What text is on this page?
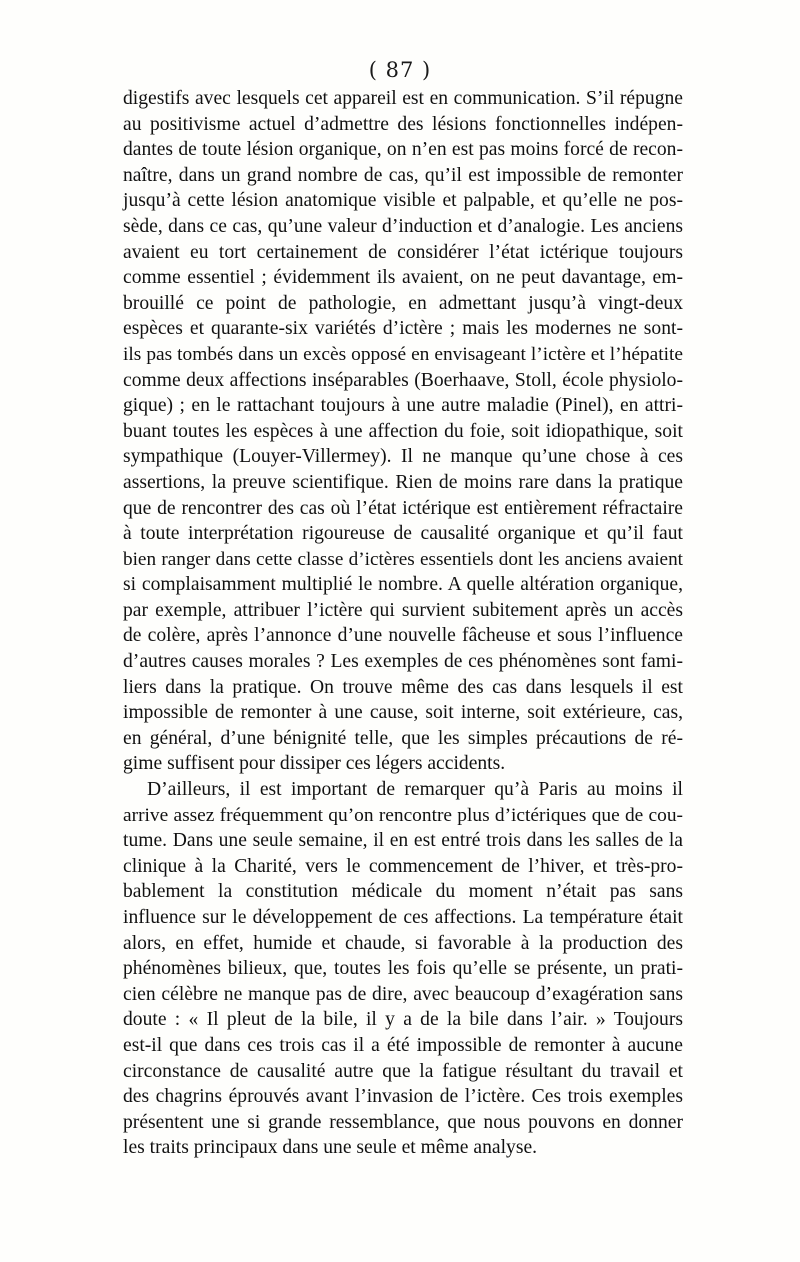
( 87 )
digestifs avec lesquels cet appareil est en communication. S’il répugne
au positivisme actuel d’admettre des lésions fonctionnelles indépen-
dantes de toute lésion organique, on n’en est pas moins forcé de recon-
naître, dans un grand nombre de cas, qu’il est impossible de remonter
jusqu’à cette lésion anatomique visible et palpable, et qu’elle ne pos-
sède, dans ce cas, qu’une valeur d’induction et d’analogie. Les anciens
avaient eu tort certainement de considérer l’état ictérique toujours
comme essentiel ; évidemment ils avaient, on ne peut davantage, em-
brouillé ce point de pathologie, en admettant jusqu’à vingt-deux
espèces et quarante-six variétés d’ictère ; mais les modernes ne sont-
ils pas tombés dans un excès opposé en envisageant l’ictère et l’hépatite
comme deux affections inséparables (Boerhaave, Stoll, école physiolo-
gique) ; en le rattachant toujours à une autre maladie (Pinel), en attri-
buant toutes les espèces à une affection du foie, soit idiopathique, soit
sympathique (Louyer-Villermey). Il ne manque qu’une chose à ces
assertions, la preuve scientifique. Rien de moins rare dans la pratique
que de rencontrer des cas où l’état ictérique est entièrement réfractaire
à toute interprétation rigoureuse de causalité organique et qu’il faut
bien ranger dans cette classe d’ictères essentiels dont les anciens avaient
si complaisamment multiplié le nombre. A quelle altération organique,
par exemple, attribuer l’ictère qui survient subitement après un accès
de colère, après l’annonce d’une nouvelle fâcheuse et sous l’influence
d’autres causes morales ? Les exemples de ces phénomènes sont fami-
liers dans la pratique. On trouve même des cas dans lesquels il est
impossible de remonter à une cause, soit interne, soit extérieure, cas,
en général, d’une bénignité telle, que les simples précautions de ré-
gime suffisent pour dissiper ces légers accidents.
D’ailleurs, il est important de remarquer qu’à Paris au moins il
arrive assez fréquemment qu’on rencontre plus d’ictériques que de cou-
tume. Dans une seule semaine, il en est entré trois dans les salles de la
clinique à la Charité, vers le commencement de l’hiver, et très-pro-
bablement la constitution médicale du moment n’était pas sans
influence sur le développement de ces affections. La température était
alors, en effet, humide et chaude, si favorable à la production des
phénomènes bilieux, que, toutes les fois qu’elle se présente, un prati-
cien célèbre ne manque pas de dire, avec beaucoup d’exagération sans
doute : « Il pleut de la bile, il y a de la bile dans l’air. » Toujours
est-il que dans ces trois cas il a été impossible de remonter à aucune
circonstance de causalité autre que la fatigue résultant du travail et
des chagrins éprouvés avant l’invasion de l’ictère. Ces trois exemples
présentent une si grande ressemblance, que nous pouvons en donner
les traits principaux dans une seule et même analyse.
